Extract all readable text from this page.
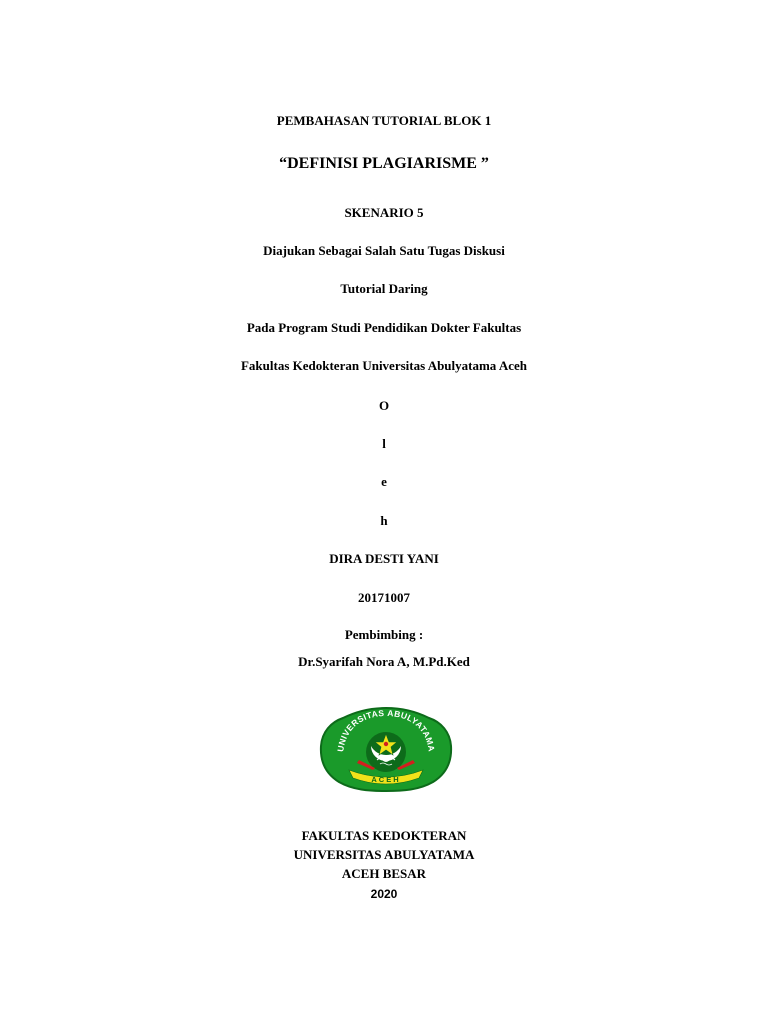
PEMBAHASAN TUTORIAL BLOK 1
“DEFINISI PLAGIARISME ”
SKENARIO 5
Diajukan Sebagai Salah Satu Tugas Diskusi
Tutorial Daring
Pada Program Studi Pendidikan Dokter Fakultas
Fakultas Kedokteran Universitas Abulyatama Aceh
O
l
e
h
DIRA DESTI YANI
20171007
Pembimbing :
Dr.Syarifah Nora A, M.Pd.Ked
UNIVERSITAS ABULYATAMA
ACEH
FAKULTAS KEDOKTERAN
UNIVERSITAS ABULYATAMA
ACEH BESAR
2020
